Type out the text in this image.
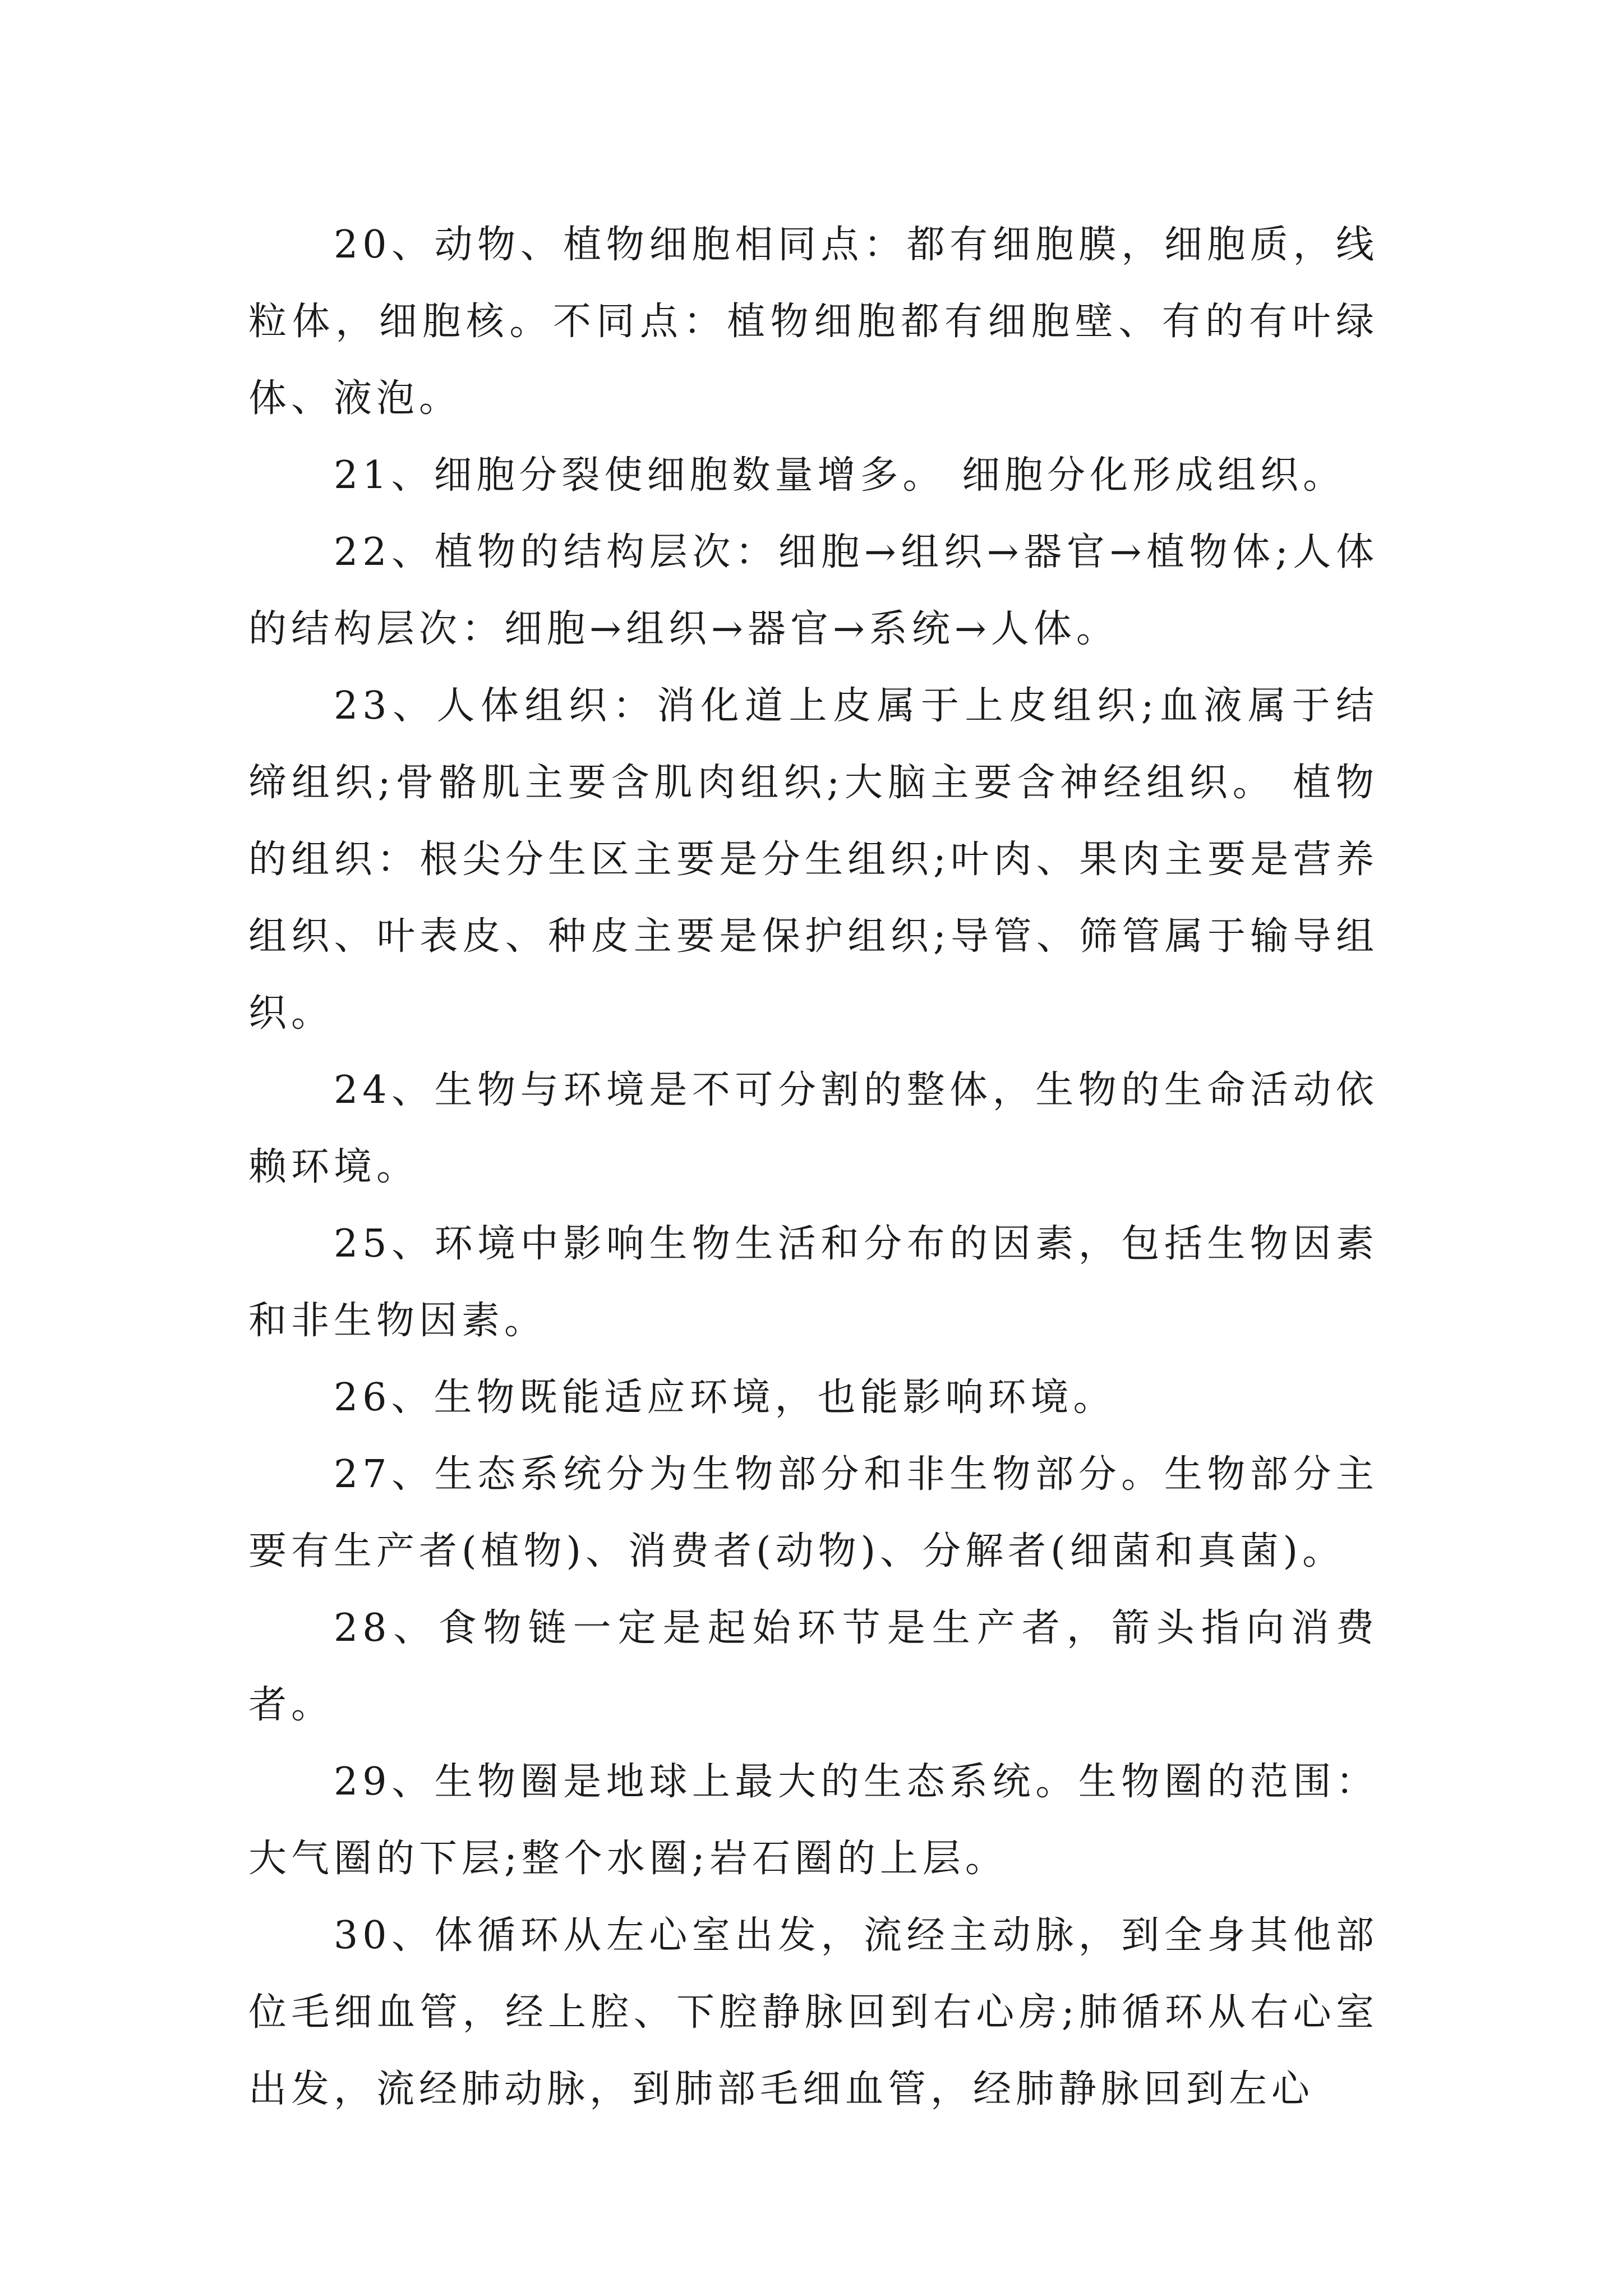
20、动物、植物细胞相同点：都有细胞膜，细胞质，线粒体，细胞核。不同点：植物细胞都有细胞壁、有的有叶绿体、液泡。

21、细胞分裂使细胞数量增多。 细胞分化形成组织。

22、植物的结构层次：细胞→组织→器官→植物体;人体的结构层次：细胞→组织→器官→系统→人体。

23、人体组织：消化道上皮属于上皮组织;血液属于结缔组织;骨骼肌主要含肌肉组织;大脑主要含神经组织。 植物的组织：根尖分生区主要是分生组织;叶肉、果肉主要是营养组织、叶表皮、种皮主要是保护组织;导管、筛管属于输导组织。

24、生物与环境是不可分割的整体，生物的生命活动依赖环境。

25、环境中影响生物生活和分布的因素，包括生物因素和非生物因素。

26、生物既能适应环境，也能影响环境。

27、生态系统分为生物部分和非生物部分。生物部分主要有生产者(植物)、消费者(动物)、分解者(细菌和真菌)。

28、食物链一定是起始环节是生产者，箭头指向消费者。

29、生物圈是地球上最大的生态系统。生物圈的范围：大气圈的下层;整个水圈;岩石圈的上层。

30、体循环从左心室出发，流经主动脉，到全身其他部位毛细血管，经上腔、下腔静脉回到右心房;肺循环从右心室出发，流经肺动脉，到肺部毛细血管，经肺静脉回到左心
